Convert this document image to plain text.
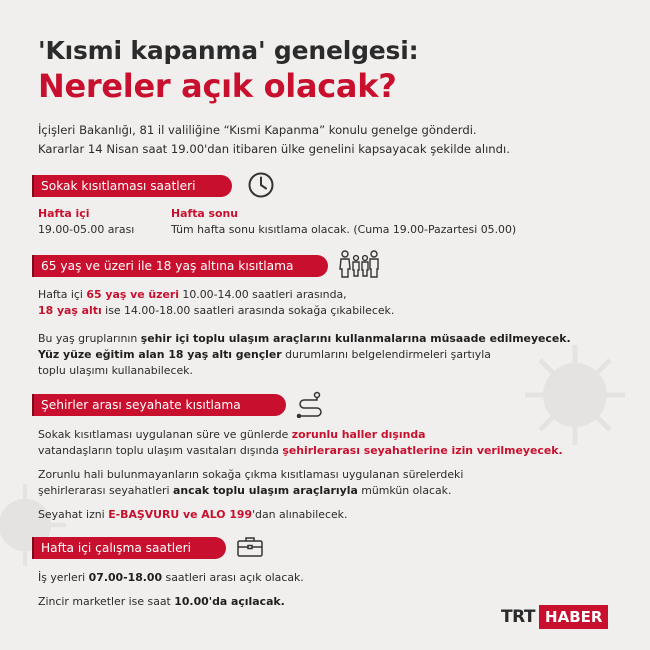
'Kısmi kapanma' genelgesi:
Nereler açık olacak?
İçişleri Bakanlığı, 81 il valiliğine “Kısmi Kapanma” konulu genelge gönderdi.
Kararlar 14 Nisan saat 19.00'dan itibaren ülke genelini kapsayacak şekilde alındı.
Sokak kısıtlaması saatleri
Hafta içi
19.00-05.00 arası
Hafta sonu
Tüm hafta sonu kısıtlama olacak. (Cuma 19.00-Pazartesi 05.00)
65 yaş ve üzeri ile 18 yaş altına kısıtlama
Hafta içi 65 yaş ve üzeri 10.00-14.00 saatleri arasında,
18 yaş altı ise 14.00-18.00 saatleri arasında sokağa çıkabilecek.
Bu yaş gruplarının şehir içi toplu ulaşım araçlarını kullanmalarına müsaade edilmeyecek.
Yüz yüze eğitim alan 18 yaş altı gençler durumlarını belgelendirmeleri şartıyla
toplu ulaşımı kullanabilecek.
Şehirler arası seyahate kısıtlama
Sokak kısıtlaması uygulanan süre ve günlerde zorunlu haller dışında
vatandaşların toplu ulaşım vasıtaları dışında şehirlerarası seyahatlerine izin verilmeyecek.
Zorunlu hali bulunmayanların sokağa çıkma kısıtlaması uygulanan sürelerdeki
şehirlerarası seyahatleri ancak toplu ulaşım araçlarıyla mümkün olacak.
Seyahat izni E-BAŞVURU ve ALO 199'dan alınabilecek.
Hafta içi çalışma saatleri
İş yerleri 07.00-18.00 saatleri arası açık olacak.
Zincir marketler ise saat 10.00'da açılacak.
TRT HABER
